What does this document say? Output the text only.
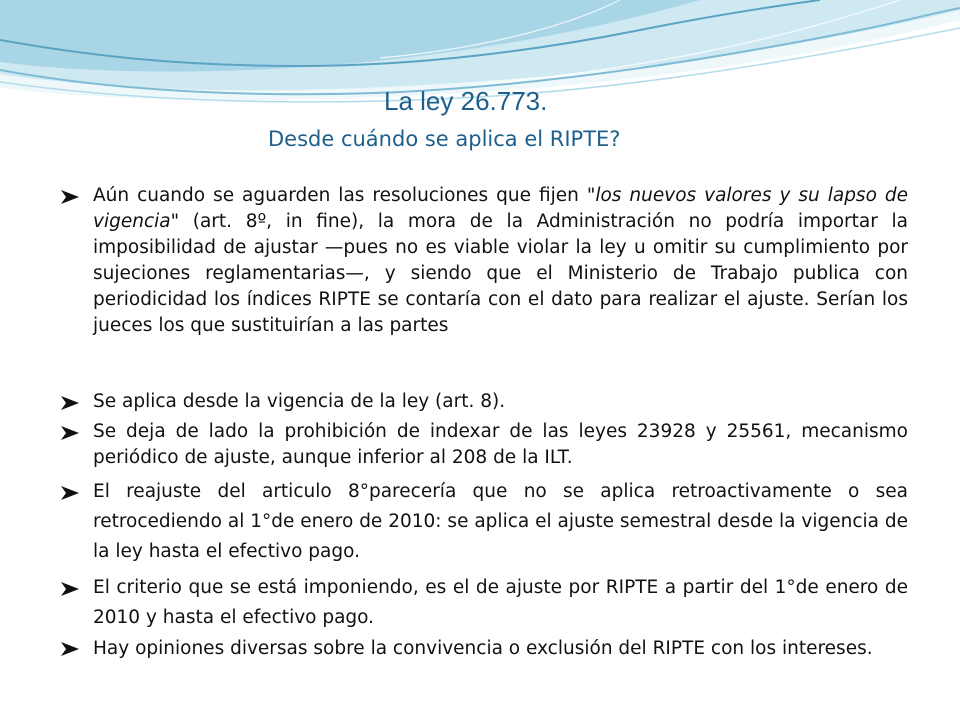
La ley 26.773.
Desde cuándo se aplica el RIPTE?
Aún cuando se aguarden las resoluciones que fijen "los nuevos valores y su lapso de vigencia" (art. 8º, in fine), la mora de la Administración no podría importar la imposibilidad de ajustar —pues no es viable violar la ley u omitir su cumplimiento por sujeciones reglamentarias—, y siendo que el Ministerio de Trabajo publica con periodicidad los índices RIPTE se contaría con el dato para realizar el ajuste. Serían los jueces los que sustituirían a las partes
Se aplica desde la vigencia de la ley (art. 8).
Se deja de lado la prohibición de indexar de las leyes 23928 y 25561, mecanismo periódico de ajuste, aunque inferior al 208 de la ILT.
El reajuste del articulo 8°parecería que no se aplica retroactivamente o sea retrocediendo al 1°de enero de 2010: se aplica el ajuste semestral desde la vigencia de la ley hasta el efectivo pago.
El criterio que se está imponiendo, es el de ajuste por RIPTE a partir del 1°de enero de 2010 y hasta el efectivo pago.
Hay opiniones diversas sobre la convivencia o exclusión del RIPTE con los intereses.
